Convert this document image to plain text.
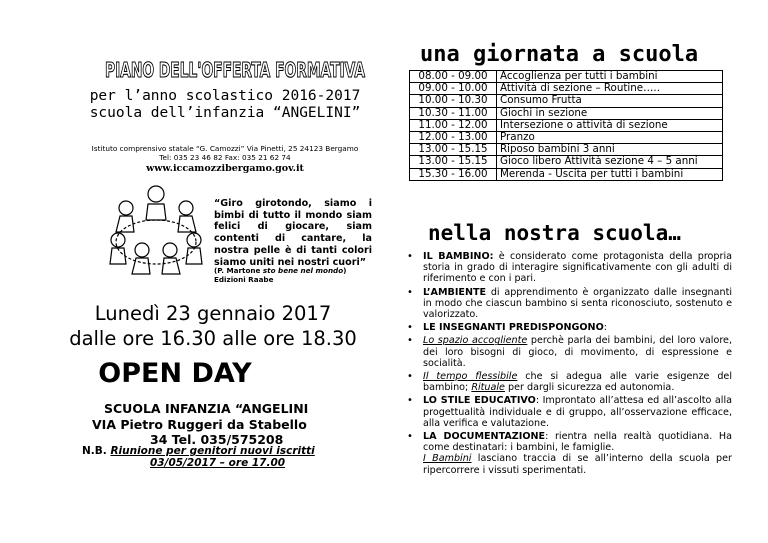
PIANO DELL'OFFERTA FORMATIVA
per l’anno scolastico 2016-2017
scuola dell’infanzia “ANGELINI”
Istituto comprensivo statale “G. Camozzi” Via Pinetti, 25 24123 Bergamo
Tel: 035 23 46 82 Fax: 035 21 62 74
www.iccamozzibergamo.gov.it
“Giro girotondo, siamo i bimbi di tutto il mondo siam felici di giocare, siam contenti di cantare, la nostra pelle è di tanti colori siamo uniti nei nostri cuori”
(P. Martone sto bene nel mondo) Edizioni Raabe
Lunedì 23 gennaio 2017
dalle ore 16.30 alle ore 18.30
OPEN DAY
SCUOLA INFANZIA “ANGELINI
VIA Pietro Ruggeri da Stabello
34 Tel. 035/575208
N.B. Riunione per genitori nuovi iscritti
03/05/2017 – ore 17.00
una giornata a scuola
08.00 - 09.00	Accoglienza per tutti i bambini
09.00 - 10.00	Attività di sezione – Routine…..
10.00 - 10.30	Consumo Frutta
10.30 - 11.00	Giochi in sezione
11.00 - 12.00	Intersezione o attività di sezione
12.00 - 13.00	Pranzo
13.00 - 15.15	Riposo bambini 3 anni
13.00 - 15.15	Gioco libero Attività sezione 4 – 5 anni
15.30 - 16.00	Merenda - Uscita per tutti i bambini
nella nostra scuola…
• IL BAMBINO: è considerato come protagonista della propria storia in grado di interagire significativamente con gli adulti di riferimento e con i pari.
• L’AMBIENTE di apprendimento è organizzato dalle insegnanti in modo che ciascun bambino si senta riconosciuto, sostenuto e valorizzato.
• LE INSEGNANTI PREDISPONGONO:
• Lo spazio accogliente perchè parla dei bambini, del loro valore, dei loro bisogni di gioco, di movimento, di espressione e socialità.
• Il tempo flessibile che si adegua alle varie esigenze del bambino; Rituale per dargli sicurezza ed autonomia.
• LO STILE EDUCATIVO: Improntato all’attesa ed all’ascolto alla progettualità individuale e di gruppo, all’osservazione efficace, alla verifica e valutazione.
• LA DOCUMENTAZIONE: rientra nella realtà quotidiana. Ha come destinatari: i bambini, le famiglie.
I Bambini lasciano traccia di se all’interno della scuola per ripercorrere i vissuti sperimentati.
